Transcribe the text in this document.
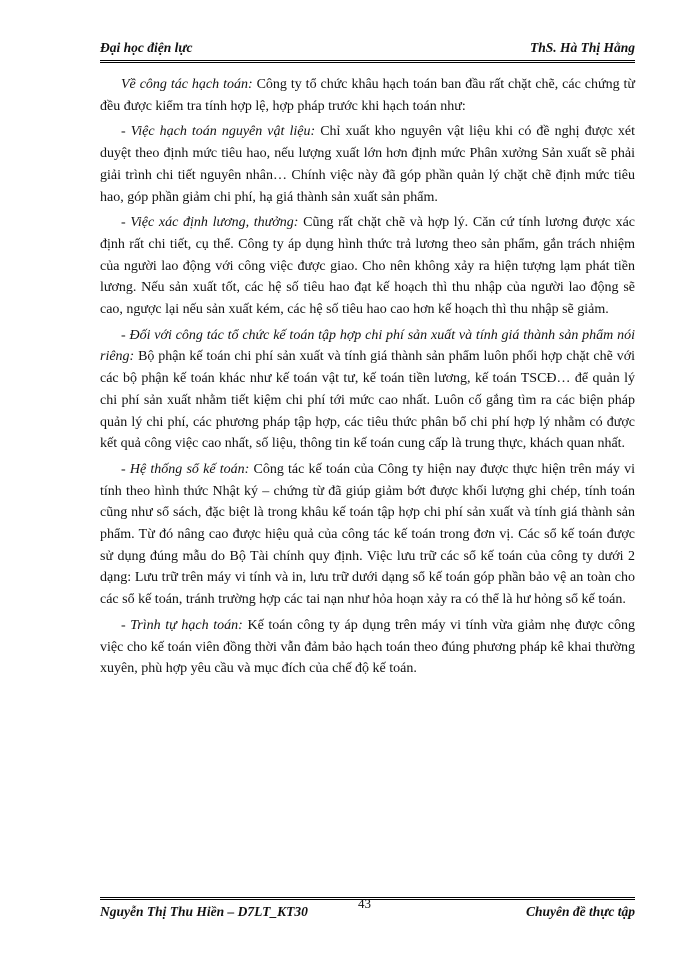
Đại học điện lực	ThS. Hà Thị Hằng

Về công tác hạch toán: Công ty tổ chức khâu hạch toán ban đầu rất chặt chẽ, các chứng từ đều được kiểm tra tính hợp lệ, hợp pháp trước khi hạch toán như:

- Việc hạch toán nguyên vật liệu: Chỉ xuất kho nguyên vật liệu khi có đề nghị được xét duyệt theo định mức tiêu hao, nếu lượng xuất lớn hơn định mức Phân xưởng Sản xuất sẽ phải giải trình chi tiết nguyên nhân… Chính việc này đã góp phần quản lý chặt chẽ định mức tiêu hao, góp phần giảm chi phí, hạ giá thành sản xuất sản phẩm.

- Việc xác định lương, thưởng: Cũng rất chặt chẽ và hợp lý. Căn cứ tính lương được xác định rất chi tiết, cụ thể. Công ty áp dụng hình thức trả lương theo sản phẩm, gắn trách nhiệm của người lao động với công việc được giao. Cho nên không xảy ra hiện tượng lạm phát tiền lương. Nếu sản xuất tốt, các hệ số tiêu hao đạt kế hoạch thì thu nhập của người lao động sẽ cao, ngược lại nếu sản xuất kém, các hệ số tiêu hao cao hơn kế hoạch thì thu nhập sẽ giảm.

- Đối với công tác tổ chức kế toán tập hợp chi phí sản xuất và tính giá thành sản phẩm nói riêng: Bộ phận kế toán chi phí sản xuất và tính giá thành sản phẩm luôn phối hợp chặt chẽ với các bộ phận kế toán khác như kế toán vật tư, kế toán tiền lương, kế toán TSCĐ… để quản lý chi phí sản xuất nhằm tiết kiệm chi phí tới mức cao nhất. Luôn cố gắng tìm ra các biện pháp quản lý chi phí, các phương pháp tập hợp, các tiêu thức phân bổ chi phí hợp lý nhằm có được kết quả công việc cao nhất, số liệu, thông tin kế toán cung cấp là trung thực, khách quan nhất.

- Hệ thống sổ kế toán: Công tác kế toán của Công ty hiện nay được thực hiện trên máy vi tính theo hình thức Nhật ký – chứng từ đã giúp giảm bớt được khối lượng ghi chép, tính toán cũng như sổ sách, đặc biệt là trong khâu kế toán tập hợp chi phí sản xuất và tính giá thành sản phẩm. Từ đó nâng cao được hiệu quả của công tác kế toán trong đơn vị. Các sổ kế toán được sử dụng đúng mẫu do Bộ Tài chính quy định. Việc lưu trữ các sổ kế toán của công ty dưới 2 dạng: Lưu trữ trên máy vi tính và in, lưu trữ dưới dạng sổ kế toán góp phần bảo vệ an toàn cho các sổ kế toán, tránh trường hợp các tai nạn như hỏa hoạn xảy ra có thể là hư hỏng sổ kế toán.

- Trình tự hạch toán: Kế toán công ty áp dụng trên máy vi tính vừa giảm nhẹ được công việc cho kế toán viên đồng thời vẫn đảm bảo hạch toán theo đúng phương pháp kê khai thường xuyên, phù hợp yêu cầu và mục đích của chế độ kế toán.

Nguyễn Thị Thu Hiền – D7LT_KT30
43
Chuyên đề thực tập
